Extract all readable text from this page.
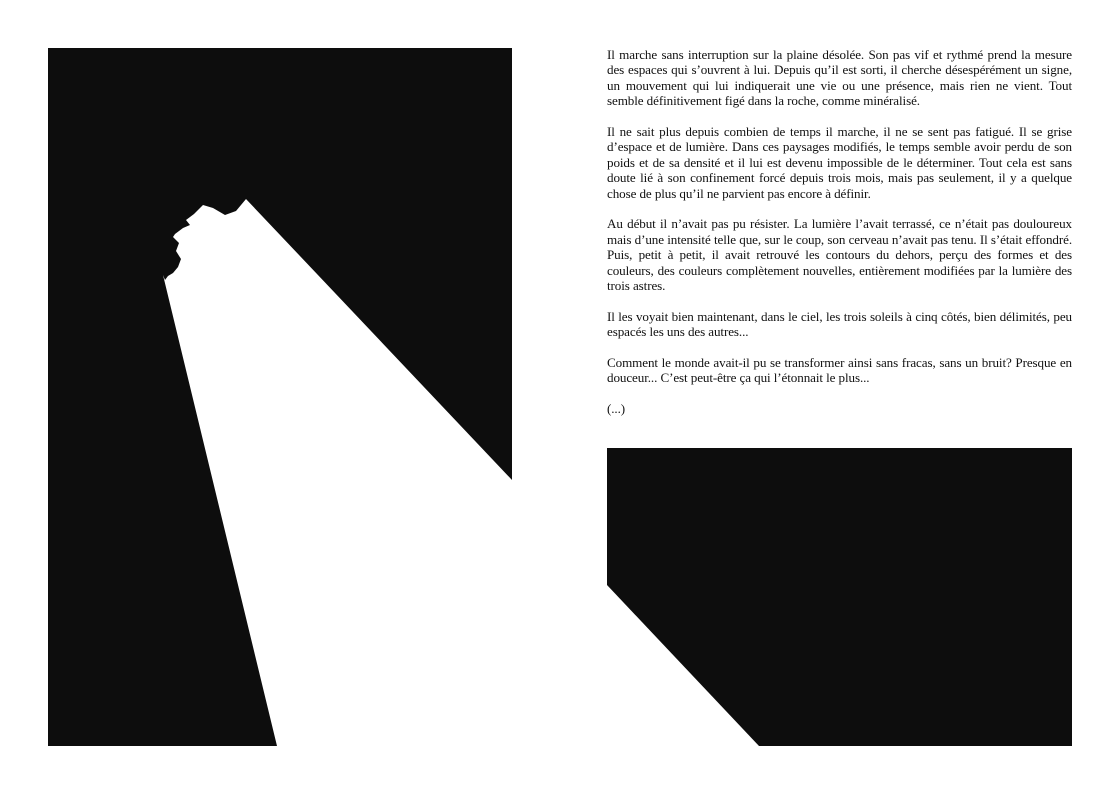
Il marche sans interruption sur la plaine désolée. Son pas vif et rythmé prend la mesure des espaces qui s’ouvrent à lui. Depuis qu’il est sorti, il cherche désespérément un signe, un mouvement qui lui indiquerait une vie ou une présence, mais rien ne vient. Tout semble définitivement figé dans la roche, comme minéralisé.

Il ne sait plus depuis combien de temps il marche, il ne se sent pas fatigué. Il se grise d’espace et de lumière. Dans ces paysages modifiés, le temps semble avoir perdu de son poids et de sa densité et il lui est devenu impossible de le déterminer. Tout cela est sans doute lié à son confinement forcé depuis trois mois, mais pas seulement, il y a quelque chose de plus qu’il ne parvient pas encore à définir.

Au début il n’avait pas pu résister. La lumière l’avait terrassé, ce n’était pas douloureux mais d’une intensité telle que, sur le coup, son cerveau n’avait pas tenu. Il s’était effondré. Puis, petit à petit, il avait retrouvé les contours du dehors, perçu des formes et des couleurs, des couleurs complètement nouvelles, entièrement modifiées par la lumière des trois astres.

Il les voyait bien maintenant, dans le ciel, les trois soleils à cinq côtés, bien délimités, peu espacés les uns des autres...

Comment le monde avait-il pu se transformer ainsi sans fracas, sans un bruit? Presque en douceur... C’est peut-être ça qui l’étonnait le plus...

(...)
